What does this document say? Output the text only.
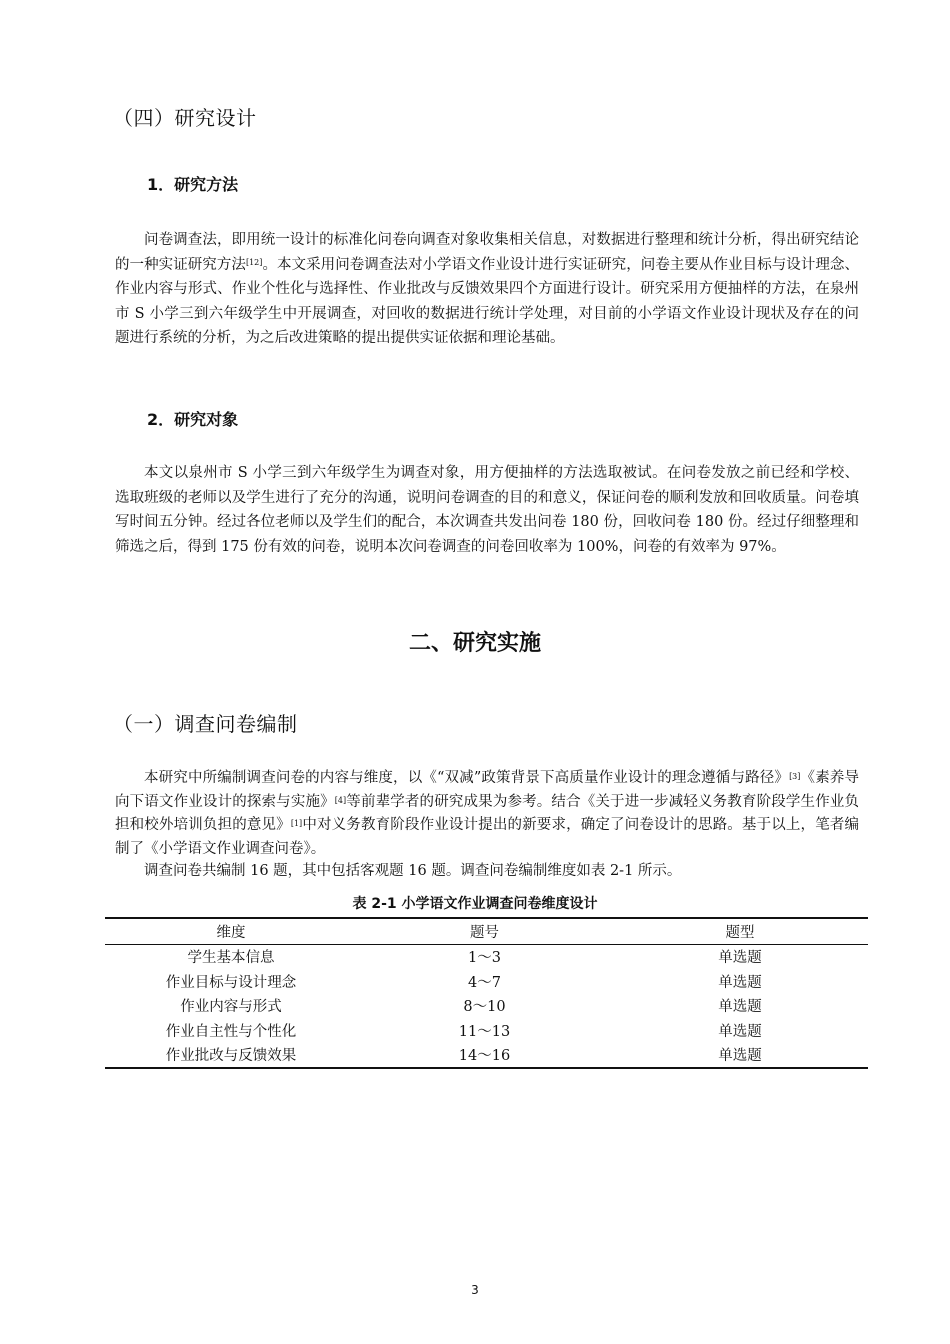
（四）研究设计
1．研究方法

问卷调查法，即用统一设计的标准化问卷向调查对象收集相关信息，对数据进行整理和统计分析，得出研究结论的一种实证研究方法[12]。本文采用问卷调查法对小学语文作业设计进行实证研究，问卷主要从作业目标与设计理念、作业内容与形式、作业个性化与选择性、作业批改与反馈效果四个方面进行设计。研究采用方便抽样的方法，在泉州市 S 小学三到六年级学生中开展调查，对回收的数据进行统计学处理，对目前的小学语文作业设计现状及存在的问题进行系统的分析，为之后改进策略的提出提供实证依据和理论基础。

2．研究对象

本文以泉州市 S 小学三到六年级学生为调查对象，用方便抽样的方法选取被试。在问卷发放之前已经和学校、选取班级的老师以及学生进行了充分的沟通，说明问卷调查的目的和意义，保证问卷的顺利发放和回收质量。问卷填写时间五分钟。经过各位老师以及学生们的配合，本次调查共发出问卷 180 份，回收问卷 180 份。经过仔细整理和筛选之后，得到 175 份有效的问卷，说明本次问卷调查的问卷回收率为 100%，问卷的有效率为 97%。

二、研究实施
（一）调查问卷编制

本研究中所编制调查问卷的内容与维度，以《“双减”政策背景下高质量作业设计的理念遵循与路径》[3]《素养导向下语文作业设计的探索与实施》[4]等前辈学者的研究成果为参考。结合《关于进一步减轻义务教育阶段学生作业负担和校外培训负担的意见》[1]中对义务教育阶段作业设计提出的新要求，确定了问卷设计的思路。基于以上，笔者编制了《小学语文作业调查问卷》。

调查问卷共编制 16 题，其中包括客观题 16 题。调查问卷编制维度如表 2-1 所示。

表 2-1 小学语文作业调查问卷维度设计

维度	题号	题型
学生基本信息	1～3	单选题
作业目标与设计理念	4～7	单选题
作业内容与形式	8～10	单选题
作业自主性与个性化	11～13	单选题
作业批改与反馈效果	14～16	单选题
3
